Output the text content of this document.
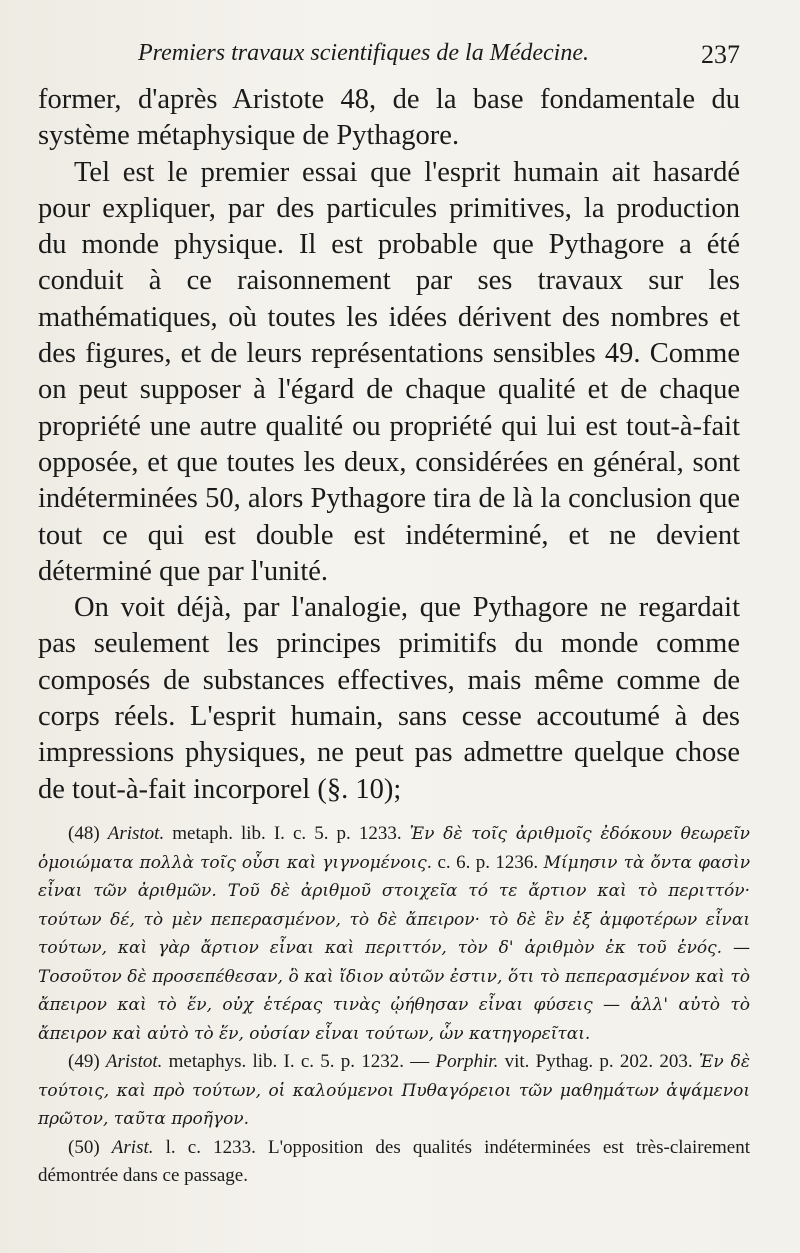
Premiers travaux scientifiques de la Médecine.	237

former, d'après Aristote 48, de la base fondamentale du système métaphysique de Pythagore.

Tel est le premier essai que l'esprit humain ait hasardé pour expliquer, par des particules primitives, la production du monde physique. Il est probable que Pythagore a été conduit à ce raisonnement par ses travaux sur les mathématiques, où toutes les idées dérivent des nombres et des figures, et de leurs représentations sensibles 49. Comme on peut supposer à l'égard de chaque qualité et de chaque propriété une autre qualité ou propriété qui lui est tout-à-fait opposée, et que toutes les deux, considérées en général, sont indéterminées 50, alors Pythagore tira de là la conclusion que tout ce qui est double est indéterminé, et ne devient déterminé que par l'unité.

On voit déjà, par l'analogie, que Pythagore ne regardait pas seulement les principes primitifs du monde comme composés de substances effectives, mais même comme de corps réels. L'esprit humain, sans cesse accoutumé à des impressions physiques, ne peut pas admettre quelque chose de tout-à-fait incorporel (§. 10);

(48) Aristot. metaph. lib. I. c. 5. p. 1233. Ἐν δὲ τοῖς ἀριθμοῖς ἐδόκουν θεωρεῖν ὁμοιώματα πολλὰ τοῖς οὖσι καὶ γιγνομένοις. c. 6. p. 1236. Μίμησιν τὰ ὄντα φασὶν εἶναι τῶν ἀριθμῶν. Τοῦ δὲ ἀριθμοῦ στοιχεῖα τό τε ἄρτιον καὶ τὸ περιττόν· τούτων δέ, τὸ μὲν πεπερασμένον, τὸ δὲ ἄπειρον· τὸ δὲ ἓν ἐξ ἀμφοτέρων εἶναι τούτων, καὶ γὰρ ἄρτιον εἶναι καὶ περιττόν, τὸν δ' ἀριθμὸν ἐκ τοῦ ἑνός. — Τοσοῦτον δὲ προσεπέθεσαν, ὃ καὶ ἴδιον αὐτῶν ἐστιν, ὅτι τὸ πεπερασμένον καὶ τὸ ἄπειρον καὶ τὸ ἕν, οὐχ ἑτέρας τινὰς ᾠήθησαν εἶναι φύσεις — ἀλλ' αὐτὸ τὸ ἄπειρον καὶ αὐτὸ τὸ ἕν, οὐσίαν εἶναι τούτων, ὧν κατηγορεῖται.

(49) Aristot. metaphys. lib. I. c. 5. p. 1232. — Porphir. vit. Pythag. p. 202. 203. Ἐν δὲ τούτοις, καὶ πρὸ τούτων, οἱ καλούμενοι Πυθαγόρειοι τῶν μαθημάτων ἁψάμενοι πρῶτον, ταῦτα προῆγον.

(50) Arist. l. c. 1233. L'opposition des qualités indéterminées est très-clairement démontrée dans ce passage.
